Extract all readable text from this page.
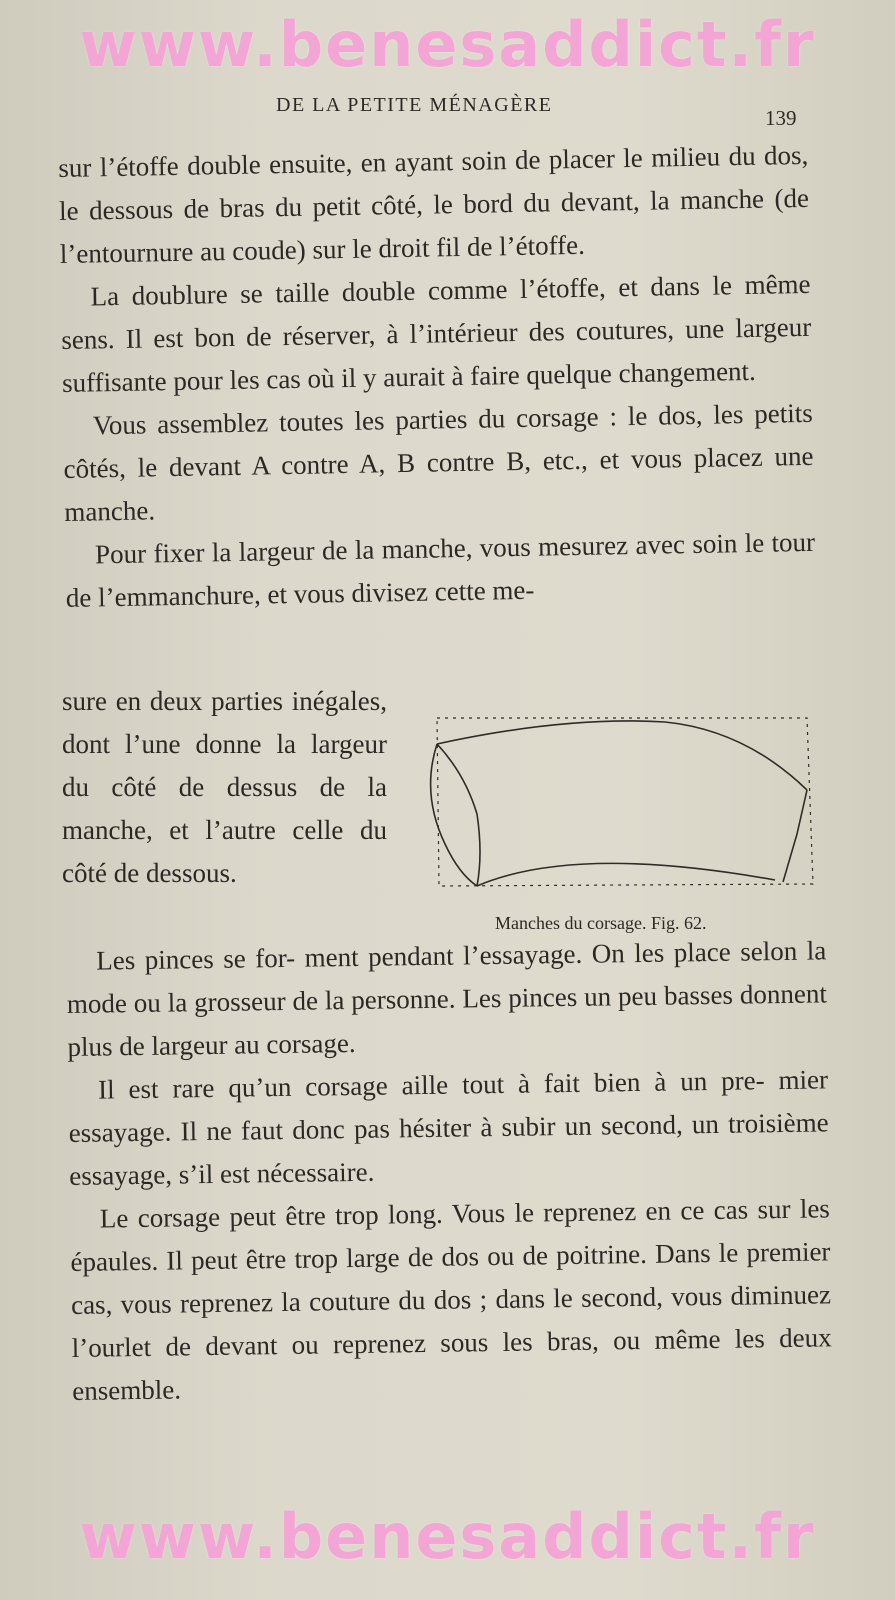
www.benesaddict.fr
DE LA PETITE MÉNAGÈRE
139

sur l’étoffe double ensuite, en ayant soin de placer le milieu du dos, le dessous de bras du petit côté, le bord du devant, la manche (de l’entournure au coude) sur le droit fil de l’étoffe.

La doublure se taille double comme l’étoffe, et dans le même sens. Il est bon de réserver, à l’intérieur des coutures, une largeur suffisante pour les cas où il y aurait à faire quelque changement.

Vous assemblez toutes les parties du corsage : le dos, les petits côtés, le devant A contre A, B contre B, etc., et vous placez une manche.

Pour fixer la largeur de la manche, vous mesurez avec soin le tour de l’emmanchure, et vous divisez cette me-

sure en deux parties inégales, dont l’une donne la largeur du côté de dessus de la manche, et l’autre celle du côté de dessous.

Manches du corsage. Fig. 62.

Les pinces se for- ment pendant l’essayage. On les place selon la mode ou la grosseur de la personne. Les pinces un peu basses donnent plus de largeur au corsage.

Il est rare qu’un corsage aille tout à fait bien à un pre- mier essayage. Il ne faut donc pas hésiter à subir un second, un troisième essayage, s’il est nécessaire.

Le corsage peut être trop long. Vous le reprenez en ce cas sur les épaules. Il peut être trop large de dos ou de poitrine. Dans le premier cas, vous reprenez la couture du dos ; dans le second, vous diminuez l’ourlet de devant ou reprenez sous les bras, ou même les deux ensemble.

www.benesaddict.fr
